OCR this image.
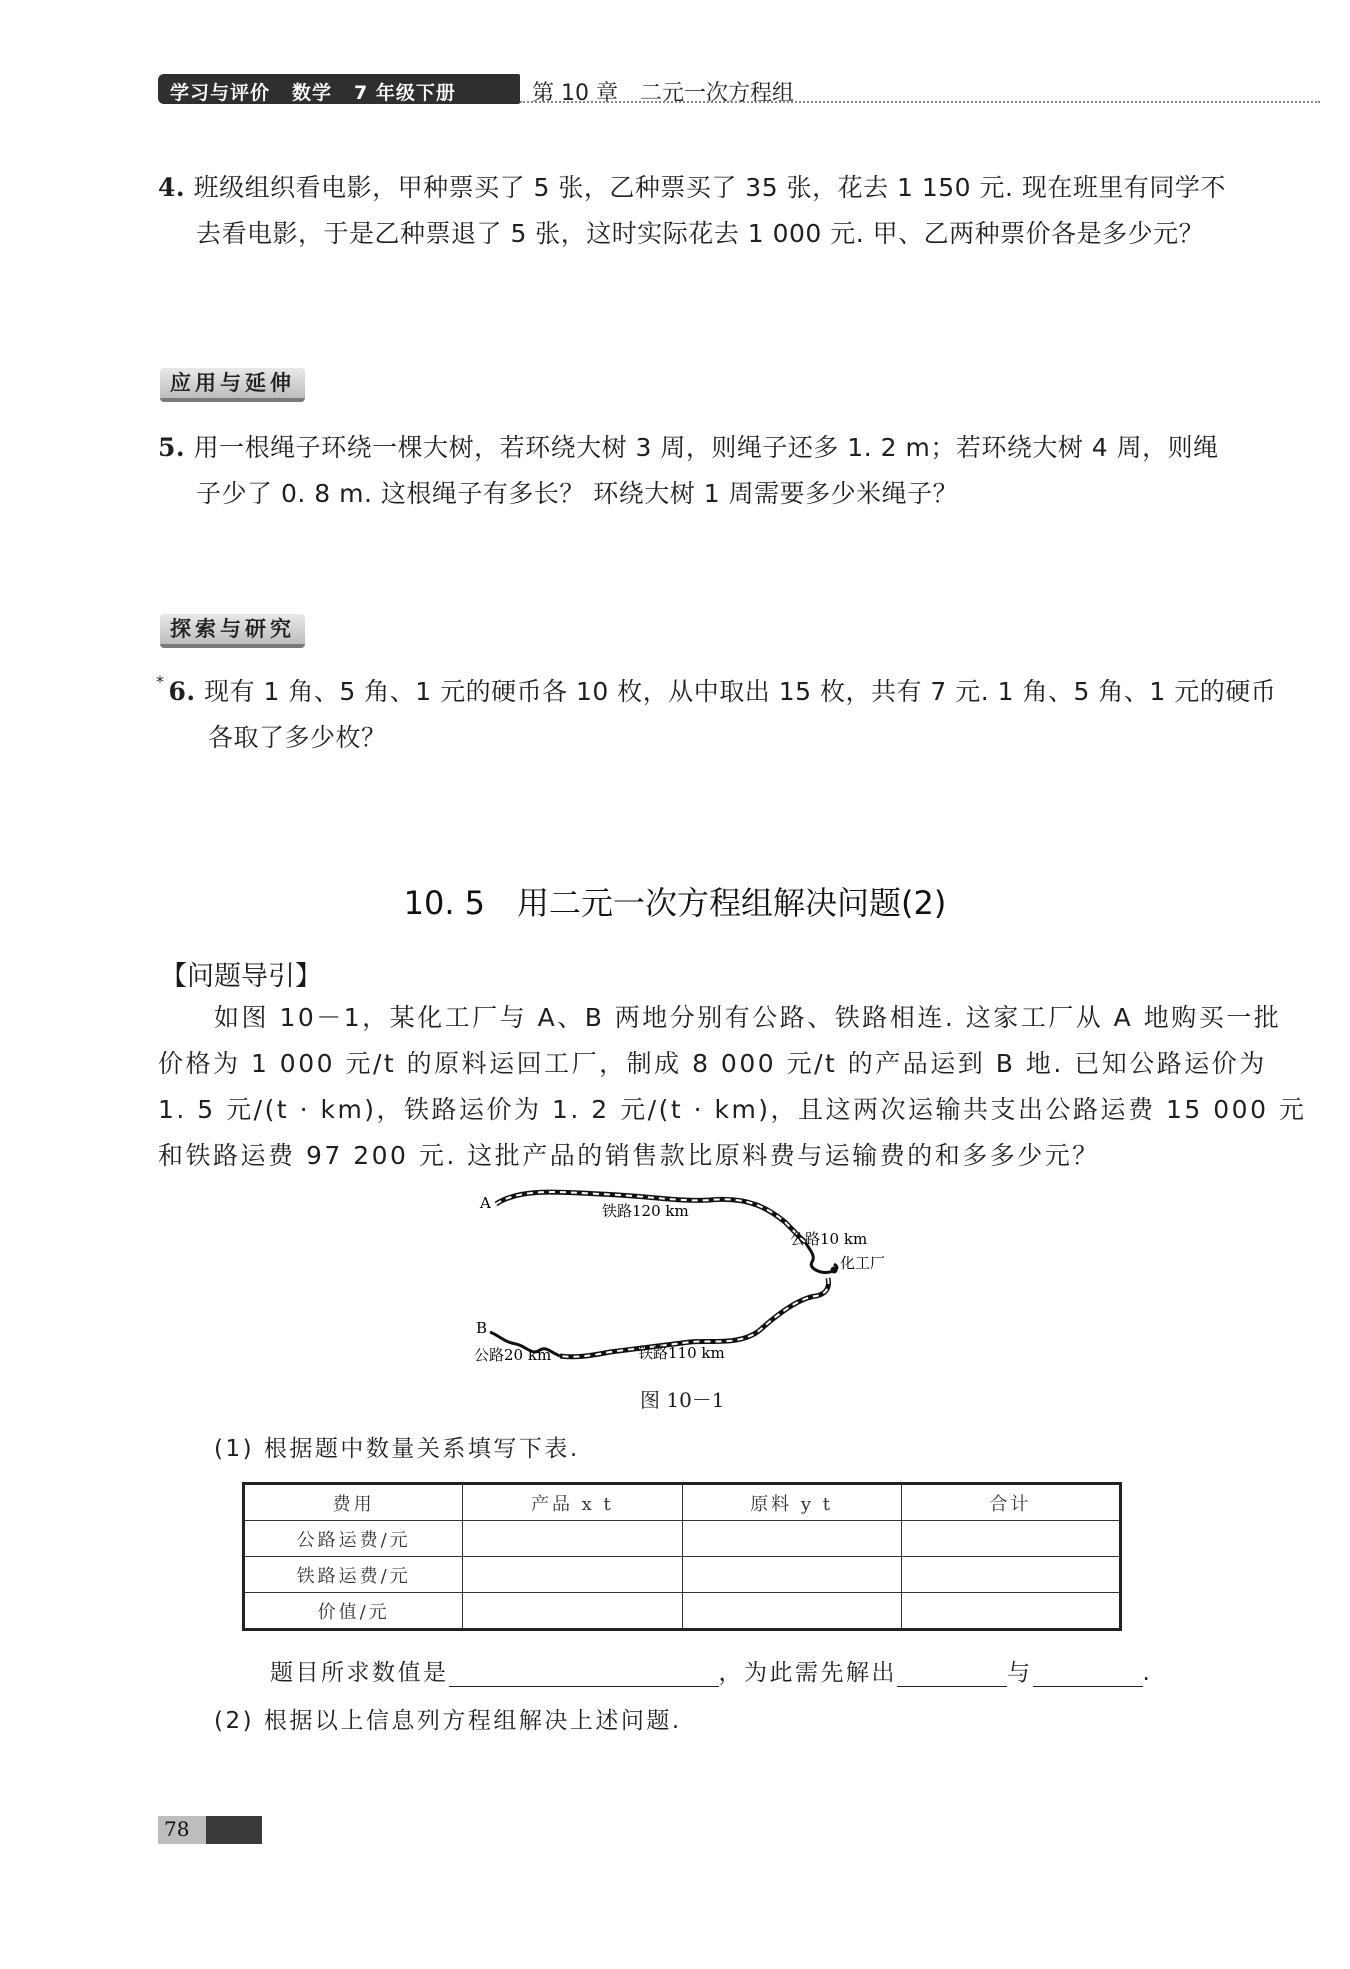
学习与评价 数学 7 年级下册	第 10 章　二元一次方程组
4. 班级组织看电影，甲种票买了 5 张，乙种票买了 35 张，花去 1 150 元. 现在班里有同学不
去看电影，于是乙种票退了 5 张，这时实际花去 1 000 元. 甲、乙两种票价各是多少元？
应用与延伸
5. 用一根绳子环绕一棵大树，若环绕大树 3 周，则绳子还多 1. 2 m；若环绕大树 4 周，则绳
子少了 0. 8 m. 这根绳子有多长？ 环绕大树 1 周需要多少米绳子？
探索与研究
* 6. 现有 1 角、5 角、1 元的硬币各 10 枚，从中取出 15 枚，共有 7 元. 1 角、5 角、1 元的硬币
各取了多少枚？
10. 5　用二元一次方程组解决问题(2)
【问题导引】
如图 10－1，某化工厂与 A、B 两地分别有公路、铁路相连. 这家工厂从 A 地购买一批
价格为 1 000 元/t 的原料运回工厂，制成 8 000 元/t 的产品运到 B 地. 已知公路运价为
1. 5 元/(t · km)，铁路运价为 1. 2 元/(t · km)，且这两次运输共支出公路运费 15 000 元
和铁路运费 97 200 元. 这批产品的销售款比原料费与运输费的和多多少元？
A
B
铁路120 km
公路10 km
化工厂
公路20 km	铁路110 km
图 10－1
(1) 根据题中数量关系填写下表.
费用	产品 x t	原料 y t	合计
公路运费/元			
铁路运费/元			
价值/元			
题目所求数值是	，为此需先解出	与	.
(2) 根据以上信息列方程组解决上述问题.
78
